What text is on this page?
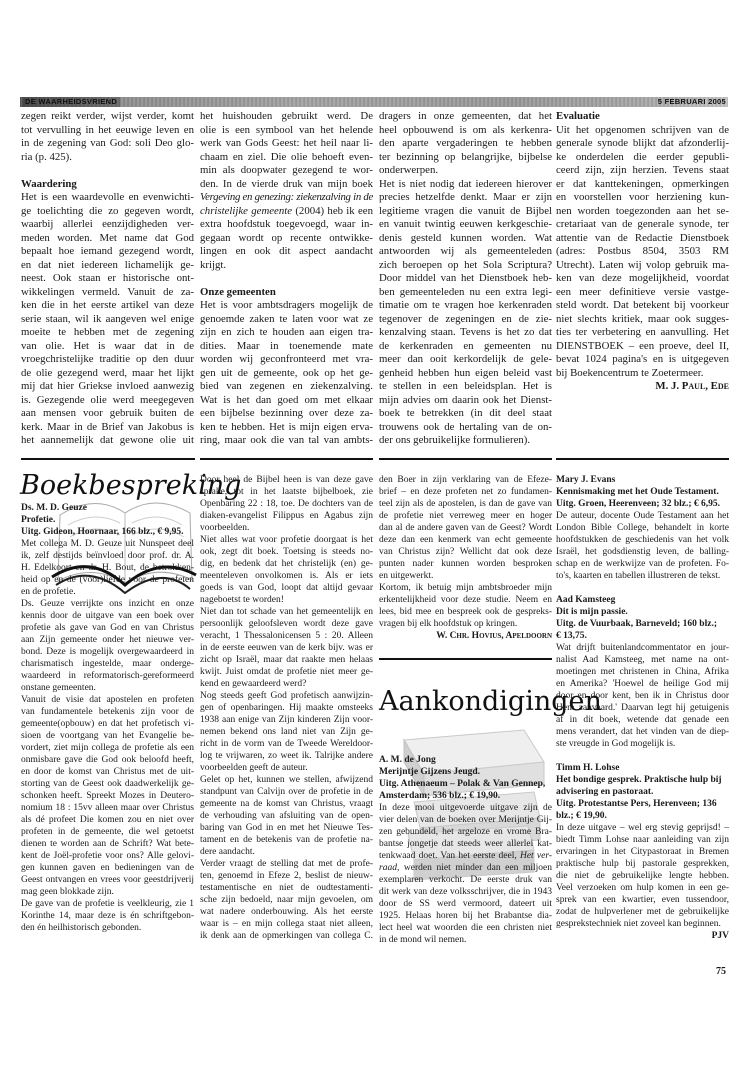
DE WAARHEIDSVRIEND	5 FEBRUARI 2005
zegen reikt verder, wijst verder, komt
tot vervulling in het eeuwige leven en
in de zegening van God: soli Deo glo-
ria (p. 425).
Waardering
Het is een waardevolle en evenwichti-
ge toelichting die zo gegeven wordt,
waarbij allerlei eenzijdigheden ver-
meden worden. Met name dat God
bepaalt hoe iemand gezegend wordt,
en dat niet iedereen lichamelijk ge-
neest. Ook staan er historische ont-
wikkelingen vermeld. Vanuit de za-
ken die in het eerste artikel van deze
serie staan, wil ik aangeven wel enige
moeite te hebben met de zegening
van olie. Het is waar dat in de
vroegchristelijke traditie op den duur
de olie gezegend werd, maar het lijkt
mij dat hier Griekse invloed aanwezig
is. Gezegende olie werd meegegeven
aan mensen voor gebruik buiten de
kerk. Maar in de Brief van Jakobus is
het aannemelijk dat gewone olie uit
het huishouden gebruikt werd. De
olie is een symbool van het helende
werk van Gods Geest: het heil naar li-
chaam en ziel. Die olie behoeft even-
min als doopwater gezegend te wor-
den. In de vierde druk van mijn boek
Vergeving en genezing: ziekenzalving in de
christelijke gemeente (2004) heb ik een
extra hoofdstuk toegevoegd, waar in-
gegaan wordt op recente ontwikke-
lingen en ook dit aspect aandacht
krijgt.
Onze gemeenten
Het is voor ambtsdragers mogelijk de
genoemde zaken te laten voor wat ze
zijn en zich te houden aan eigen tra-
dities. Maar in toenemende mate
worden wij geconfronteerd met vra-
gen uit de gemeente, ook op het ge-
bied van zegenen en ziekenzalving.
Wat is het dan goed om met elkaar
een bijbelse bezinning over deze za-
ken te hebben. Het is mijn eigen erva-
ring, maar ook die van tal van ambts-
dragers in onze gemeenten, dat het
heel opbouwend is om als kerkenra-
den aparte vergaderingen te hebben
ter bezinning op belangrijke, bijbelse
onderwerpen.
Het is niet nodig dat iedereen hierover
precies hetzelfde denkt. Maar er zijn
legitieme vragen die vanuit de Bijbel
en vanuit twintig eeuwen kerkgeschie-
denis gesteld kunnen worden. Wat
antwoorden wij als gemeenteleden
zich beroepen op het Sola Scriptura?
Door middel van het Dienstboek heb-
ben gemeenteleden nu een extra legi-
timatie om te vragen hoe kerkenraden
tegenover de zegeningen en de zie-
kenzalving staan. Tevens is het zo dat
de kerkenraden en gemeenten nu
meer dan ooit kerkordelijk de gele-
genheid hebben hun eigen beleid vast
te stellen in een beleidsplan. Het is
mijn advies om daarin ook het Dienst-
boek te betrekken (in dit deel staat
trouwens ook de hertaling van de on-
der ons gebruikelijke formulieren).
Evaluatie
Uit het opgenomen schrijven van de
generale synode blijkt dat afzonderlij-
ke onderdelen die eerder gepubli-
ceerd zijn, zijn herzien. Tevens staat
er dat kanttekeningen, opmerkingen
en voorstellen voor herziening kun-
nen worden toegezonden aan het se-
cretariaat van de generale synode, ter
attentie van de Redactie Dienstboek
(adres: Postbus 8504, 3503 RM
Utrecht). Laten wij volop gebruik ma-
ken van deze mogelijkheid, voordat
een meer definitieve versie vastge-
steld wordt. Dat betekent bij voorkeur
niet slechts kritiek, maar ook sugges-
ties ter verbetering en aanvulling. Het
DIENSTBOEK – een proeve, deel II,
bevat 1024 pagina's en is uitgegeven
bij Boekencentrum te Zoetermeer.
M. J. Paul, Ede
Boekbespreking
Aankondigingen
Ds. M. D. Geuze
Profetie.
Uitg. Gideon, Hoornaar, 166 blz., € 9,95.
Met collega M. D. Geuze uit Nunspeet deel
ik, zelf destijds beïnvloed door prof. dr. A.
H. Edelkoort en dr. H. Bout, de betrokken-
heid op en de (voor)liefde voor de profeten
en de profetie.
Ds. Geuze verrijkte ons inzicht en onze
kennis door de uitgave van een boek over
profetie als gave van God en van Christus
aan Zijn gemeente onder het nieuwe ver-
bond. Deze is mogelijk overgewaardeerd in
charismatisch ingestelde, maar onderge-
waardeerd in reformatorisch-gereformeerd
onstane gemeenten.
Vanuit de visie dat apostelen en profeten
van fundamentele betekenis zijn voor de
gemeente(opbouw) en dat het profetisch vi-
sioen de voortgang van het Evangelie be-
vordert, ziet mijn collega de profetie als een
onmisbare gave die God ook beloofd heeft,
en door de komst van Christus met de uit-
storting van de Geest ook daadwerkelijk ge-
schonken heeft. Spreekt Mozes in Deutero-
nomium 18 : 15vv alleen maar over Christus
als dé profeet Die komen zou en niet over
profeten in de gemeente, die wel getoetst
dienen te worden aan de Schrift? Wat bete-
kent de Joël-profetie voor ons? Alle gelovi-
gen kunnen gaven en bedieningen van de
Geest ontvangen en vrees voor geestdrijverij
mag geen blokkade zijn.
De gave van de profetie is veelkleurig, zie 1
Korinthe 14, maar deze is én schriftgebon-
den én heilhistorisch gebonden.
Door heel de Bijbel heen is van deze gave
sprake, tot in het laatste bijbelboek, zie
Openbaring 22 : 18, toe. De dochters van de
diaken-evangelist Filippus en Agabus zijn
voorbeelden.
Niet alles wat voor profetie doorgaat is het
ook, zegt dit boek. Toetsing is steeds no-
dig, en bedenk dat het christelijk (en) ge-
meenteleven onvolkomen is. Als er iets
goeds is van God, loopt dat altijd gevaar
nageboetst te worden!
Niet dan tot schade van het gemeentelijk en
persoonlijk geloofsleven wordt deze gave
veracht, 1 Thessalonicensen 5 : 20. Alleen
in de eerste eeuwen van de kerk bijv. was er
zicht op Israël, maar dat raakte men helaas
kwijt. Juist omdat de profetie niet meer ge-
kend en gewaardeerd werd?
Nog steeds geeft God profetisch aanwijzin-
gen of openbaringen. Hij maakte omsteeks
1938 aan enige van Zijn kinderen Zijn voor-
nemen bekend ons land niet van Zijn ge-
richt in de vorm van de Tweede Wereldoor-
log te vrijwaren, zo weet ik. Talrijke andere
voorbeelden geeft de auteur.
Gelet op het, kunnen we stellen, afwijzend
standpunt van Calvijn over de profetie in de
gemeente na de komst van Christus, vraagt
de verhouding van afsluiting van de open-
baring van God in en met het Nieuwe Tes-
tament en de betekenis van de profetie na-
dere aandacht.
Verder vraagt de stelling dat met de profe-
ten, genoemd in Efeze 2, beslist de nieuw-
testamentische en niet de oudtestamenti-
sche zijn bedoeld, naar mijn gevoelen, om
wat nadere onderbouwing. Als het eerste
waar is – en mijn collega staat niet alleen,
ik denk aan de opmerkingen van collega C.
den Boer in zijn verklaring van de Efeze-
brief – en deze profeten net zo fundamen-
teel zijn als de apostelen, is dan de gave van
de profetie niet verreweg meer en hoger
dan al de andere gaven van de Geest? Wordt
deze dan een kenmerk van echt gemeente
van Christus zijn? Wellicht dat ook deze
punten nader kunnen worden besproken
en uitgewerkt.
Kortom, ik betuig mijn ambtsbroeder mijn
erkentelijkheid voor deze studie. Neem en
lees, bid mee en bespreek ook de gespreks-
vragen bij elk hoofdstuk op kringen.
W. Chr. Hovius, Apeldoorn
A. M. de Jong
Merijntje Gijzens Jeugd.
Uitg. Athenaeum – Polak & Van Gennep,
Amsterdam; 536 blz.; € 19,90.
In deze mooi uitgevoerde uitgave zijn de
vier delen van de boeken over Merijntje Gij-
zen gebundeld, het argeloze en vrome Bra-
bantse jongetje dat steeds weer allerlei kat-
tenkwaad doet. Van het eerste deel, Het ver-
raad, werden niet minder dan een miljoen
exemplaren verkocht. De eerste druk van
dit werk van deze volksschrijver, die in 1943
door de SS werd vermoord, dateert uit
1925. Helaas horen bij het Brabantse dia-
lect heel wat woorden die een christen niet
in de mond wil nemen.
Mary J. Evans
Kennismaking met het Oude Testament.
Uitg. Groen, Heerenveen; 32 blz.; € 6,95.
De auteur, docente Oude Testament aan het
London Bible College, behandelt in korte
hoofdstukken de geschiedenis van het volk
Israël, het godsdienstig leven, de balling-
schap en de werkwijze van de profeten. Fo-
to's, kaarten en tabellen illustreren de tekst.
Aad Kamsteeg
Dit is mijn passie.
Uitg. de Vuurbaak, Barneveld; 160 blz.;
€ 13,75.
Wat drijft buitenlandcommentator en jour-
nalist Aad Kamsteeg, met name na ont-
moetingen met christenen in China, Afrika
en Amerika? 'Hoewel de heilige God mij
door en door kent, ben ik in Christus door
Hem aanvaard.' Daarvan legt hij getuigenis
af in dit boek, wetende dat genade een
mens verandert, dat het vinden van de diep-
ste vreugde in God mogelijk is.
Timm H. Lohse
Het bondige gesprek. Praktische hulp bij
advisering en pastoraat.
Uitg. Protestantse Pers, Herenveen; 136
blz.; € 19,90.
In deze uitgave – wel erg stevig geprijsd! –
biedt Timm Lohse naar aanleiding van zijn
ervaringen in het Citypastoraat in Bremen
praktische hulp bij pastorale gesprekken,
die niet de gebruikelijke lengte hebben.
Veel verzoeken om hulp komen in een ge-
sprek van een kwartier, even tussendoor,
zodat de hulpverlener met de gebruikelijke
gesprekstechniek niet zoveel kan beginnen.
PJV
75
